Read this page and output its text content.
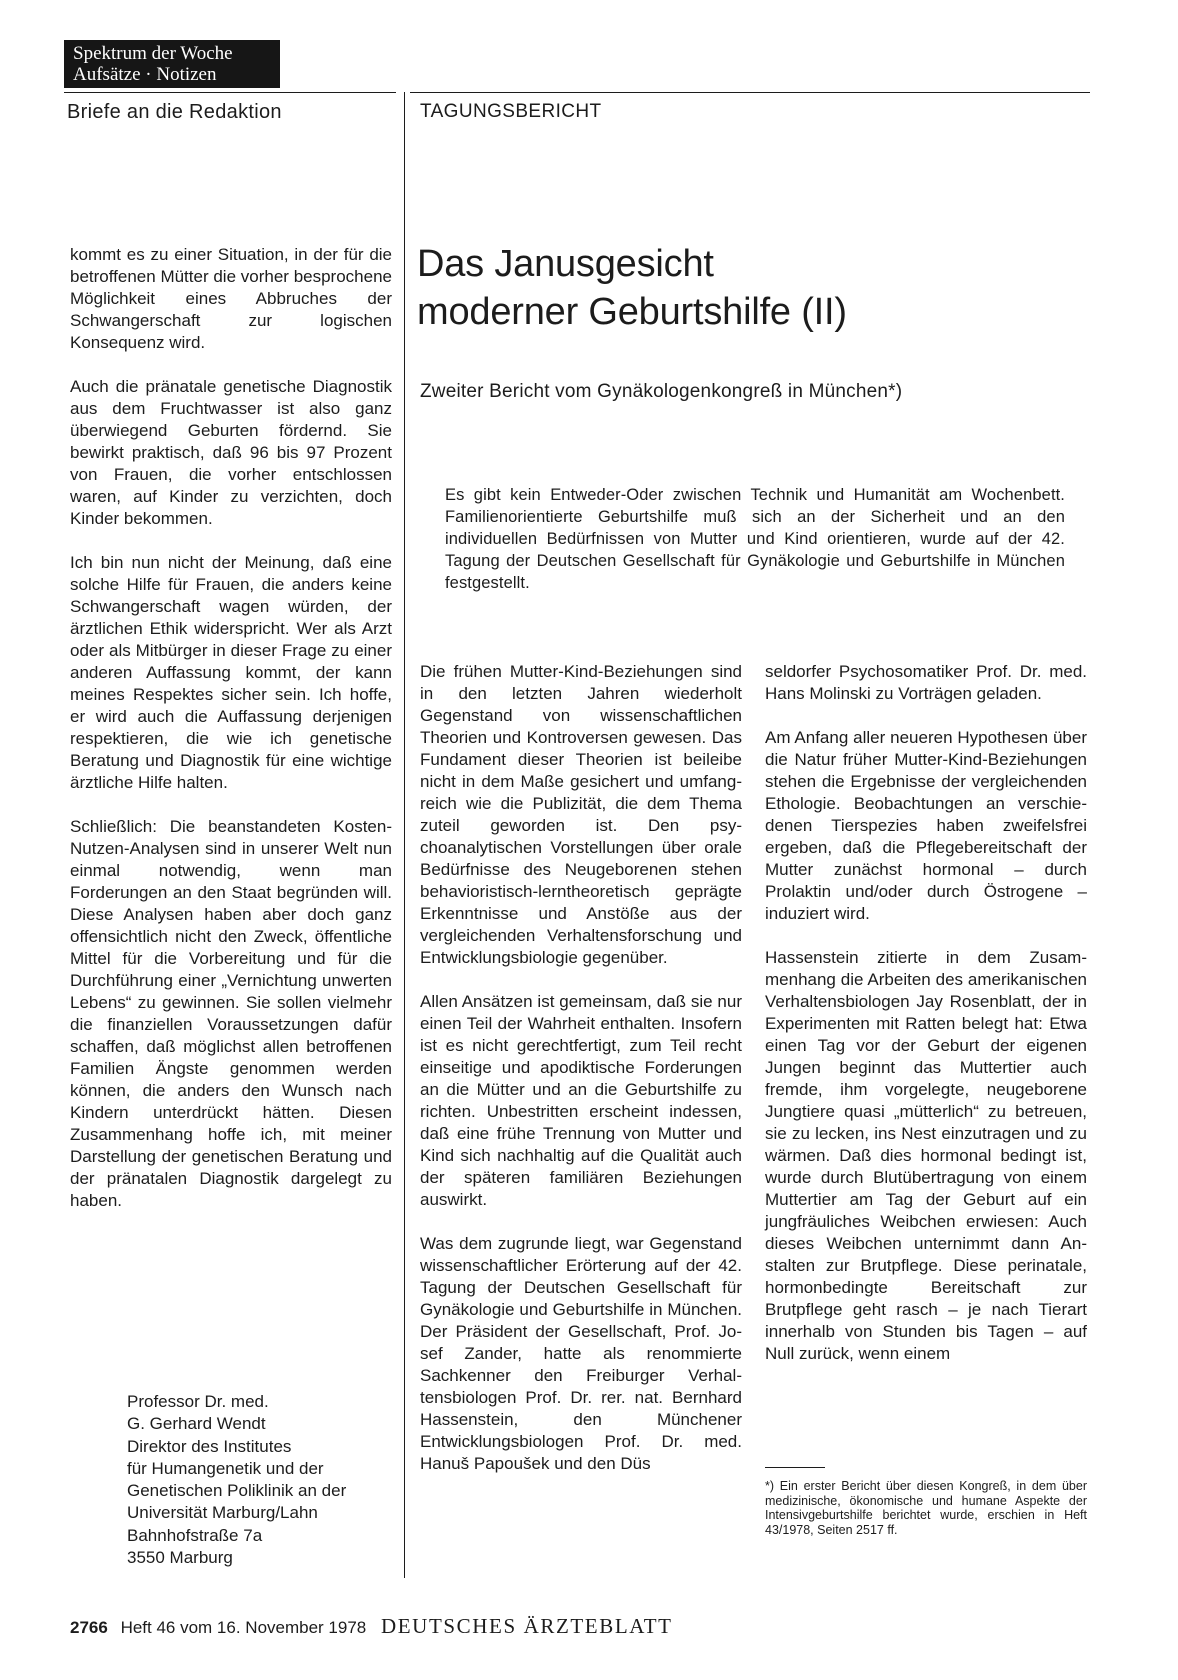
Spektrum der Woche
Aufsätze · Notizen
Briefe an die Redaktion	TAGUNGSBERICHT

kommt es zu einer Situation, in der für die betroffenen Mütter die vorher besprochene Möglichkeit eines Abbruches der Schwangerschaft zur logischen Konsequenz wird.

Auch die pränatale genetische Diagnostik aus dem Fruchtwasser ist also ganz überwiegend Geburten fördernd. Sie bewirkt praktisch, daß 96 bis 97 Prozent von Frauen, die vorher entschlossen waren, auf Kinder zu verzichten, doch Kinder bekommen.

Ich bin nun nicht der Meinung, daß eine solche Hilfe für Frauen, die anders keine Schwangerschaft wagen würden, der ärztlichen Ethik widerspricht. Wer als Arzt oder als Mitbürger in dieser Frage zu einer anderen Auffassung kommt, der kann meines Respektes sicher sein. Ich hoffe, er wird auch die Auffassung derjenigen respektieren, die wie ich genetische Beratung und Diagnostik für eine wichtige ärztliche Hilfe halten.

Schließlich: Die beanstandeten Kosten-Nutzen-Analysen sind in unserer Welt nun einmal notwendig, wenn man Forderungen an den Staat begründen will. Diese Analysen haben aber doch ganz offensichtlich nicht den Zweck, öffentliche Mittel für die Vorbereitung und für die Durchführung einer „Vernichtung unwerten Lebens“ zu gewinnen. Sie sollen vielmehr die finanziellen Voraussetzungen dafür schaffen, daß möglichst allen betroffenen Familien Ängste genommen werden können, die anders den Wunsch nach Kindern unterdrückt hätten. Diesen Zusammenhang hoffe ich, mit meiner Darstellung der genetischen Beratung und der pränatalen Diagnostik dargelegt zu haben.

Professor Dr. med.
G. Gerhard Wendt
Direktor des Institutes
für Humangenetik und der
Genetischen Poliklinik an der
Universität Marburg/Lahn
Bahnhofstraße 7a
3550 Marburg
Das Janusgesicht
moderner Geburtshilfe (II)
Zweiter Bericht vom Gynäkologenkongreß in München*)
Es gibt kein Entweder-Oder zwischen Technik und Humanität am Wochenbett. Familienorientierte Geburtshilfe muß sich an der Sicherheit und an den individuellen Bedürfnissen von Mutter und Kind orientieren, wurde auf der 42. Tagung der Deutschen Gesellschaft für Gynäkologie und Geburtshilfe in München festgestellt.

Die frühen Mutter-Kind-Beziehungen sind in den letzten Jahren wiederholt Gegenstand von wissenschaftlichen Theorien und Kontroversen gewesen. Das Fundament dieser Theorien ist beileibe nicht in dem Maße gesichert und umfangreich wie die Publizität, die dem Thema zuteil geworden ist. Den psychoanalytischen Vorstellungen über orale Bedürfnisse des Neugeborenen stehen behavioristisch-lerntheoretisch geprägte Erkenntnisse und Anstöße aus der vergleichenden Verhaltensforschung und Entwicklungsbiologie gegenüber.

Allen Ansätzen ist gemeinsam, daß sie nur einen Teil der Wahrheit enthalten. Insofern ist es nicht gerechtfertigt, zum Teil recht einseitige und apodiktische Forderungen an die Mütter und an die Geburtshilfe zu richten. Unbestritten erscheint indessen, daß eine frühe Trennung von Mutter und Kind sich nachhaltig auf die Qualität auch der späteren familiären Beziehungen auswirkt.

Was dem zugrunde liegt, war Gegenstand wissenschaftlicher Erörterung auf der 42. Tagung der Deutschen Gesellschaft für Gynäkologie und Geburtshilfe in München. Der Präsident der Gesellschaft, Prof. Josef Zander, hatte als renommierte Sachkenner den Freiburger Verhaltensbiologen Prof. Dr. rer. nat. Bernhard Hassenstein, den Münchener Entwicklungsbiologen Prof. Dr. med. Hanuš Papoušek und den Düs

seldorfer Psychosomatiker Prof. Dr. med. Hans Molinski zu Vorträgen geladen.

Am Anfang aller neueren Hypothesen über die Natur früher Mutter-Kind-Beziehungen stehen die Ergebnisse der vergleichenden Ethologie. Beobachtungen an verschiedenen Tierspezies haben zweifelsfrei ergeben, daß die Pflegebereitschaft der Mutter zunächst hormonal – durch Prolaktin und/oder durch Östrogene – induziert wird.

Hassenstein zitierte in dem Zusammenhang die Arbeiten des amerikanischen Verhaltensbiologen Jay Rosenblatt, der in Experimenten mit Ratten belegt hat: Etwa einen Tag vor der Geburt der eigenen Jungen beginnt das Muttertier auch fremde, ihm vorgelegte, neugeborene Jungtiere quasi „mütterlich“ zu betreuen, sie zu lecken, ins Nest einzutragen und zu wärmen. Daß dies hormonal bedingt ist, wurde durch Blutübertragung von einem Muttertier am Tag der Geburt auf ein jungfräuliches Weibchen erwiesen: Auch dieses Weibchen unternimmt dann Anstalten zur Brutpflege. Diese perinatale, hormonbedingte Bereitschaft zur Brutpflege geht rasch – je nach Tierart innerhalb von Stunden bis Tagen – auf Null zurück, wenn einem

*) Ein erster Bericht über diesen Kongreß, in dem über medizinische, ökonomische und humane Aspekte der Intensivgeburtshilfe berichtet wurde, erschien in Heft 43/1978, Seiten 2517 ff.
2766 Heft 46 vom 16. November 1978 DEUTSCHES ÄRZTEBLATT
